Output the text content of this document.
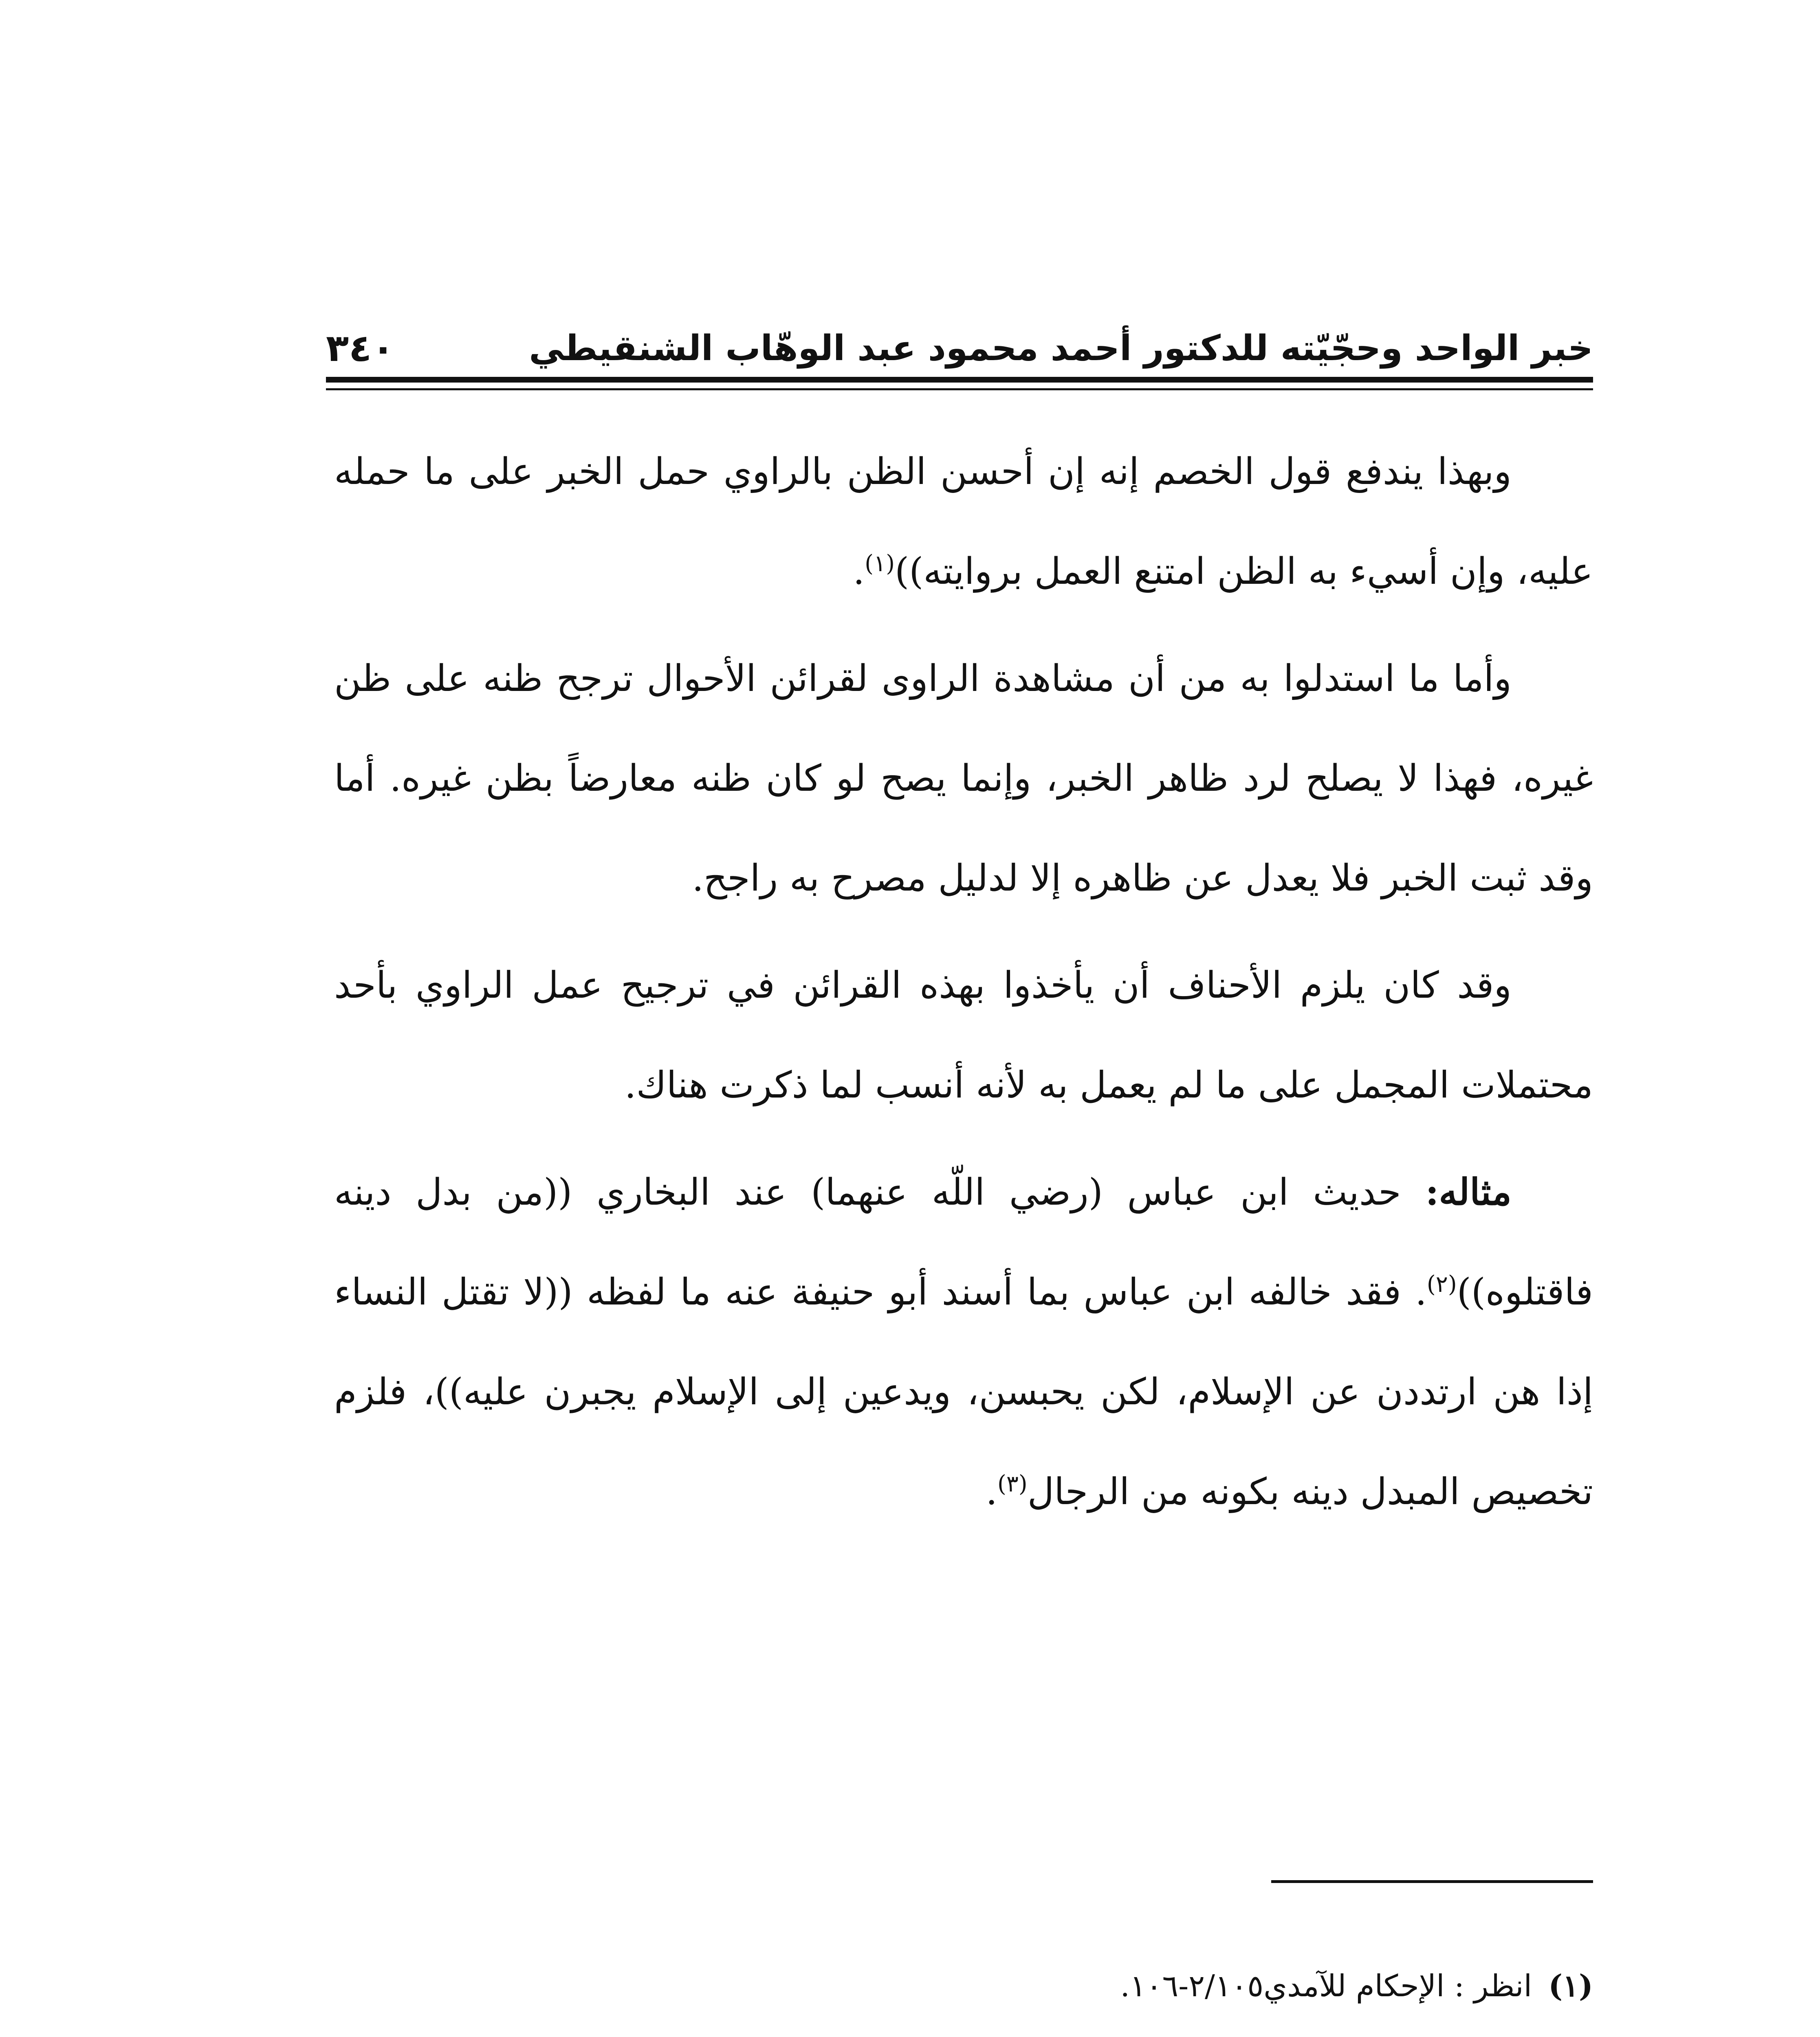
خبر الواحد وحجّيّته للدكتور أحمد محمود عبد الوهّاب الشنقيطي
٣٤٠

وبهذا يندفع قول الخصم إنه إن أحسن الظن بالراوي حمل الخبر على ما حمله عليه، وإن أسيء به الظن امتنع العمل بروايته))$^{(١)}$.

وأما ما استدلوا به من أن مشاهدة الراوى لقرائن الأحوال ترجح ظنه على ظن غيره، فهذا لا يصلح لرد ظاهر الخبر، وإنما يصح لو كان ظنه معارضاً بظن غيره. أما وقد ثبت الخبر فلا يعدل عن ظاهره إلا لدليل مصرح به راجح.

وقد كان يلزم الأحناف أن يأخذوا بهذه القرائن في ترجيح عمل الراوي بأحد محتملات المجمل على ما لم يعمل به لأنه أنسب لما ذكرت هناك.

مثاله: حديث ابن عباس (رضي اللّه عنهما) عند البخاري ((من بدل دينه فاقتلوه))$^{(٢)}$. فقد خالفه ابن عباس بما أسند أبو حنيفة عنه ما لفظه ((لا تقتل النساء إذا هن ارتددن عن الإسلام، لكن يحبسن، ويدعين إلى الإسلام يجبرن عليه))، فلزم تخصيص المبدل دينه بكونه من الرجال$^{(٣)}$.

(١)انظر : الإحكام للآمدي٢/١٠٥-١٠٦.
